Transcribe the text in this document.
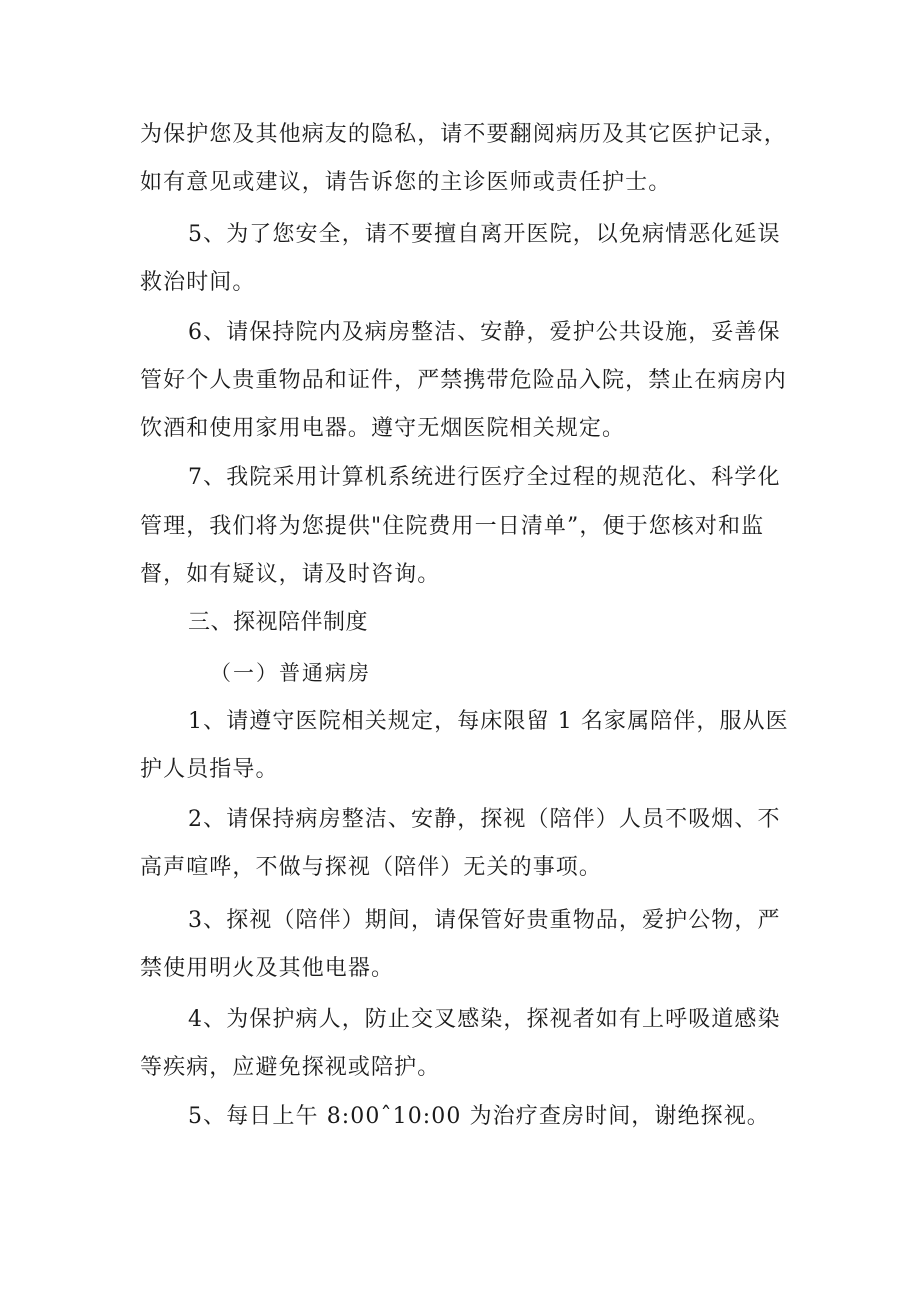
为保护您及其他病友的隐私，请不要翻阅病历及其它医护记录，

如有意见或建议，请告诉您的主诊医师或责任护士。

5、为了您安全，请不要擅自离开医院，以免病情恶化延误

救治时间。

6、请保持院内及病房整洁、安静，爱护公共设施，妥善保

管好个人贵重物品和证件，严禁携带危险品入院，禁止在病房内

饮酒和使用家用电器。遵守无烟医院相关规定。

7、我院采用计算机系统进行医疗全过程的规范化、科学化

管理，我们将为您提供"住院费用一日清单”，便于您核对和监

督，如有疑议，请及时咨询。

三、探视陪伴制度

（一）普通病房

1、请遵守医院相关规定，每床限留 1 名家属陪伴，服从医

护人员指导。

2、请保持病房整洁、安静，探视（陪伴）人员不吸烟、不

高声喧哗，不做与探视（陪伴）无关的事项。

3、探视（陪伴）期间，请保管好贵重物品，爱护公物，严

禁使用明火及其他电器。

4、为保护病人，防止交叉感染，探视者如有上呼吸道感染

等疾病，应避免探视或陪护。

5、每日上午 8:00ˆ10:00 为治疗查房时间，谢绝探视。
